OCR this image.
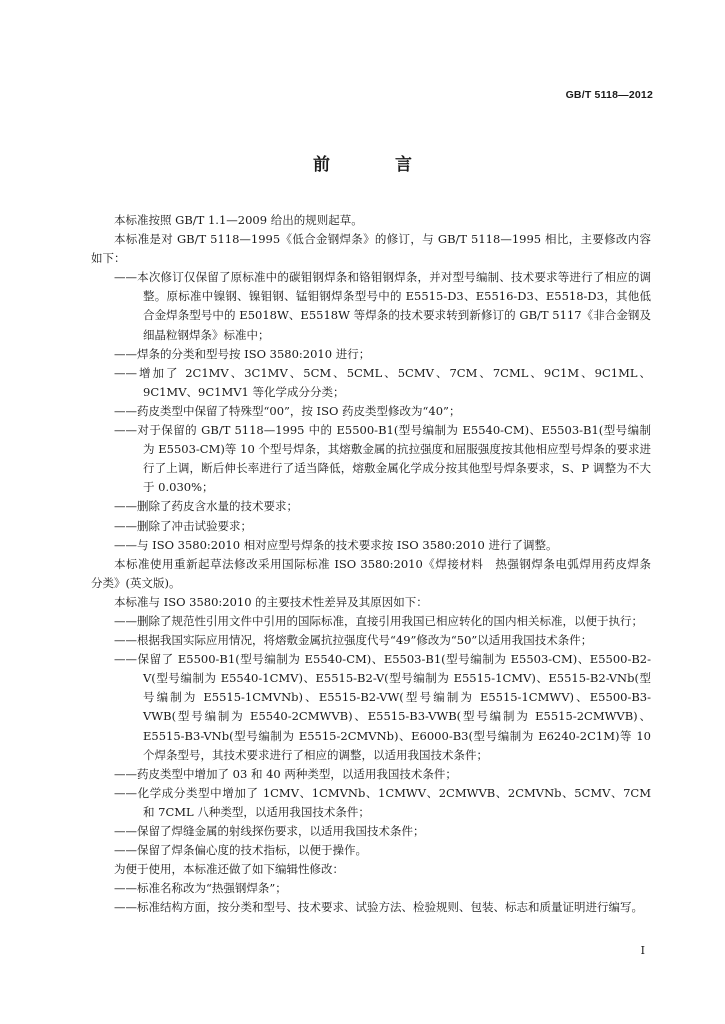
GB/T 5118—2012
前　言

本标准按照 GB/T 1.1—2009 给出的规则起草。

本标准是对 GB/T 5118—1995《低合金钢焊条》的修订，与 GB/T 5118—1995 相比，主要修改内容如下：

——本次修订仅保留了原标准中的碳钼钢焊条和铬钼钢焊条，并对型号编制、技术要求等进行了相应的调整。原标准中镍钢、镍钼钢、锰钼钢焊条型号中的 E5515-D3、E5516-D3、E5518-D3，其他低合金焊条型号中的 E5018W、E5518W 等焊条的技术要求转到新修订的 GB/T 5117《非合金钢及细晶粒钢焊条》标准中；

——焊条的分类和型号按 ISO 3580:2010 进行；

——增加了 2C1MV、3C1MV、5CM、5CML、5CMV、7CM、7CML、9C1M、9C1ML、9C1MV、9C1MV1 等化学成分分类；

——药皮类型中保留了特殊型“00”，按 ISO 药皮类型修改为“40”；

——对于保留的 GB/T 5118—1995 中的 E5500-B1(型号编制为 E5540-CM)、E5503-B1(型号编制为 E5503-CM)等 10 个型号焊条，其熔敷金属的抗拉强度和屈服强度按其他相应型号焊条的要求进行了上调，断后伸长率进行了适当降低，熔敷金属化学成分按其他型号焊条要求，S、P 调整为不大于 0.030%；

——删除了药皮含水量的技术要求；

——删除了冲击试验要求；

——与 ISO 3580:2010 相对应型号焊条的技术要求按 ISO 3580:2010 进行了调整。

本标准使用重新起草法修改采用国际标准 ISO 3580:2010《焊接材料　热强钢焊条电弧焊用药皮焊条　分类》(英文版)。

本标准与 ISO 3580:2010 的主要技术性差异及其原因如下：

——删除了规范性引用文件中引用的国际标准，直接引用我国已相应转化的国内相关标准，以便于执行；

——根据我国实际应用情况，将熔敷金属抗拉强度代号“49”修改为“50”以适用我国技术条件；

——保留了 E5500-B1(型号编制为 E5540-CM)、E5503-B1(型号编制为 E5503-CM)、E5500-B2-V(型号编制为 E5540-1CMV)、E5515-B2-V(型号编制为 E5515-1CMV)、E5515-B2-VNb(型号编制为 E5515-1CMVNb)、E5515-B2-VW(型号编制为 E5515-1CMWV)、E5500-B3-VWB(型号编制为 E5540-2CMWVB)、E5515-B3-VWB(型号编制为 E5515-2CMWVB)、E5515-B3-VNb(型号编制为 E5515-2CMVNb)、E6000-B3(型号编制为 E6240-2C1M)等 10 个焊条型号，其技术要求进行了相应的调整，以适用我国技术条件；

——药皮类型中增加了 03 和 40 两种类型，以适用我国技术条件；

——化学成分类型中增加了 1CMV、1CMVNb、1CMWV、2CMWVB、2CMVNb、5CMV、7CM 和 7CML 八种类型，以适用我国技术条件；

——保留了焊缝金属的射线探伤要求，以适用我国技术条件；

——保留了焊条偏心度的技术指标，以便于操作。

为便于使用，本标准还做了如下编辑性修改：

——标准名称改为“热强钢焊条”；

——标准结构方面，按分类和型号、技术要求、试验方法、检验规则、包装、标志和质量证明进行编写。

I
